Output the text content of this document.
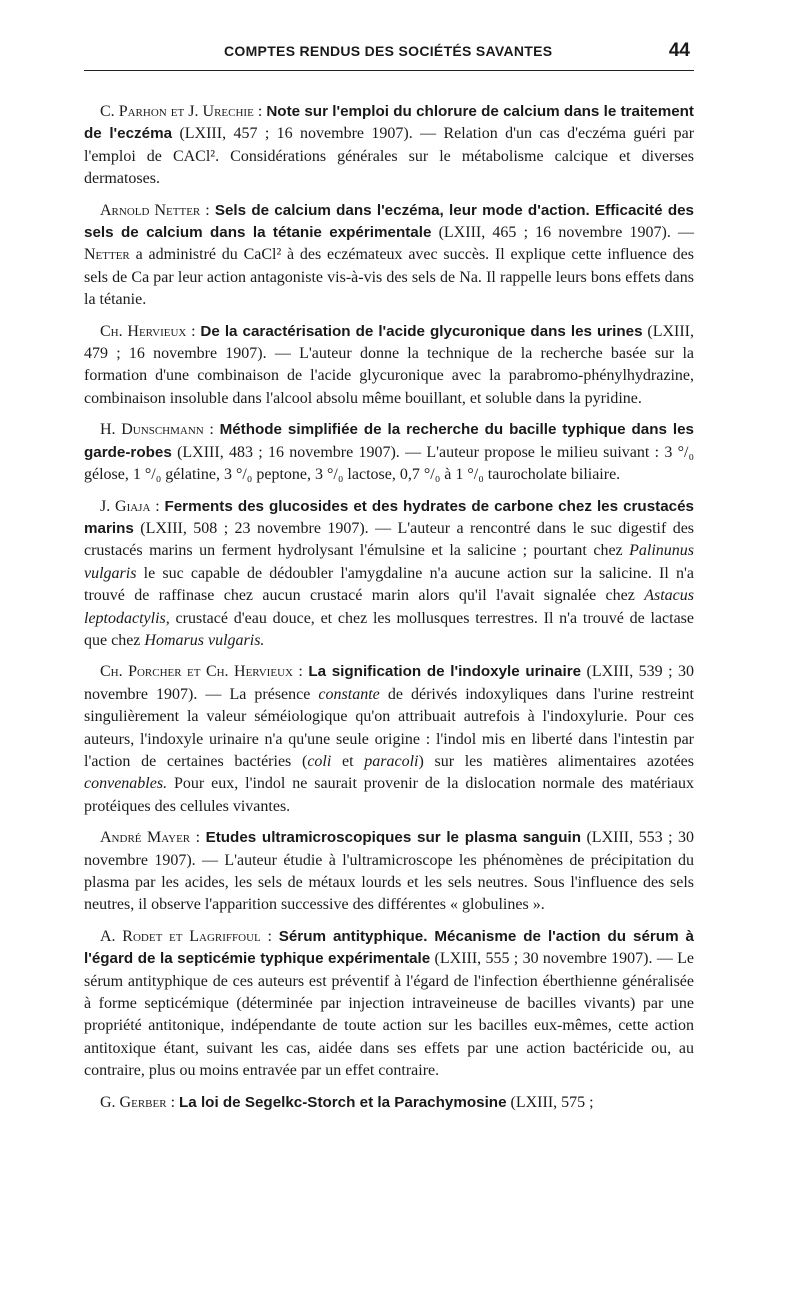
COMPTES RENDUS DES SOCIÉTÉS SAVANTES	44

C. Parhon et J. Urechie : Note sur l'emploi du chlorure de calcium dans le traitement de l'eczéma (LXIII, 457 ; 16 novembre 1907). — Relation d'un cas d'eczéma guéri par l'emploi de CACl². Considérations générales sur le métabolisme calcique et diverses dermatoses.

Arnold Netter : Sels de calcium dans l'eczéma, leur mode d'action. Efficacité des sels de calcium dans la tétanie expérimentale (LXIII, 465 ; 16 novembre 1907). — Netter a administré du CaCl² à des eczémateux avec succès. Il explique cette influence des sels de Ca par leur action antagoniste vis-à-vis des sels de Na. Il rappelle leurs bons effets dans la tétanie.

Ch. Hervieux : De la caractérisation de l'acide glycuronique dans les urines (LXIII, 479 ; 16 novembre 1907). — L'auteur donne la technique de la recherche basée sur la formation d'une combinaison de l'acide glycuronique avec la parabromo-phénylhydrazine, combinaison insoluble dans l'alcool absolu même bouillant, et soluble dans la pyridine.

H. Dunschmann : Méthode simplifiée de la recherche du bacille typhique dans les garde-robes (LXIII, 483 ; 16 novembre 1907). — L'auteur propose le milieu suivant : 3 °/₀ gélose, 1 °/₀ gélatine, 3 °/₀ peptone, 3 °/₀ lactose, 0,7 °/₀ à 1 °/₀ taurocholate biliaire.

J. Giaja : Ferments des glucosides et des hydrates de carbone chez les crustacés marins (LXIII, 508 ; 23 novembre 1907). — L'auteur a rencontré dans le suc digestif des crustacés marins un ferment hydrolysant l'émulsine et la salicine ; pourtant chez Palinunus vulgaris le suc capable de dédoubler l'amygdaline n'a aucune action sur la salicine. Il n'a trouvé de raffinase chez aucun crustacé marin alors qu'il l'avait signalée chez Astacus leptodactylis, crustacé d'eau douce, et chez les mollusques terrestres. Il n'a trouvé de lactase que chez Homarus vulgaris.

Ch. Porcher et Ch. Hervieux : La signification de l'indoxyle urinaire (LXIII, 539 ; 30 novembre 1907). — La présence constante de dérivés indoxyliques dans l'urine restreint singulièrement la valeur séméiologique qu'on attribuait autrefois à l'indoxylurie. Pour ces auteurs, l'indoxyle urinaire n'a qu'une seule origine : l'indol mis en liberté dans l'intestin par l'action de certaines bactéries (coli et paracoli) sur les matières alimentaires azotées convenables. Pour eux, l'indol ne saurait provenir de la dislocation normale des matériaux protéiques des cellules vivantes.

André Mayer : Etudes ultramicroscopiques sur le plasma sanguin (LXIII, 553 ; 30 novembre 1907). — L'auteur étudie à l'ultramicroscope les phénomènes de précipitation du plasma par les acides, les sels de métaux lourds et les sels neutres. Sous l'influence des sels neutres, il observe l'apparition successive des différentes « globulines ».

A. Rodet et Lagriffoul : Sérum antityphique. Mécanisme de l'action du sérum à l'égard de la septicémie typhique expérimentale (LXIII, 555 ; 30 novembre 1907). — Le sérum antityphique de ces auteurs est préventif à l'égard de l'infection éberthienne généralisée à forme septicémique (déterminée par injection intraveineuse de bacilles vivants) par une propriété antitonique, indépendante de toute action sur les bacilles eux-mêmes, cette action antitoxique étant, suivant les cas, aidée dans ses effets par une action bactéricide ou, au contraire, plus ou moins entravée par un effet contraire.

G. Gerber : La loi de Segelkc-Storch et la Parachymosine (LXIII, 575 ;
